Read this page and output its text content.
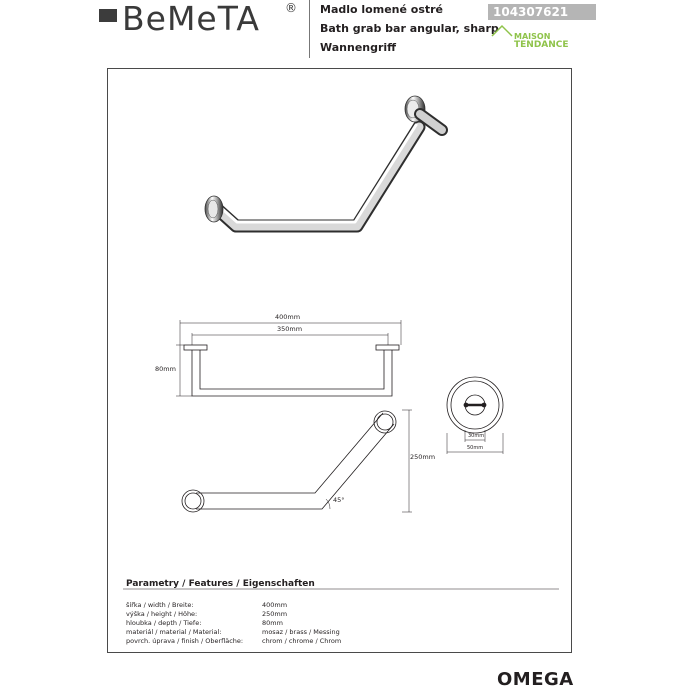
BeMeTA ® Madlo lomené ostré
Bath grab bar angular, sharp
Wannengriff
104307621
MAISON
TENDANCE
400mm
350mm
80mm
250mm
45°
30mm
50mm
Parametry / Features / Eigenschaften
šířka / width / Breite:	400mm
výška / height / Höhe:	250mm
hloubka / depth / Tiefe:	80mm
materiál / material / Material:	mosaz / brass / Messing
povrch. úprava / finish / Oberfläche:	chrom / chrome / Chrom
OMEGA
